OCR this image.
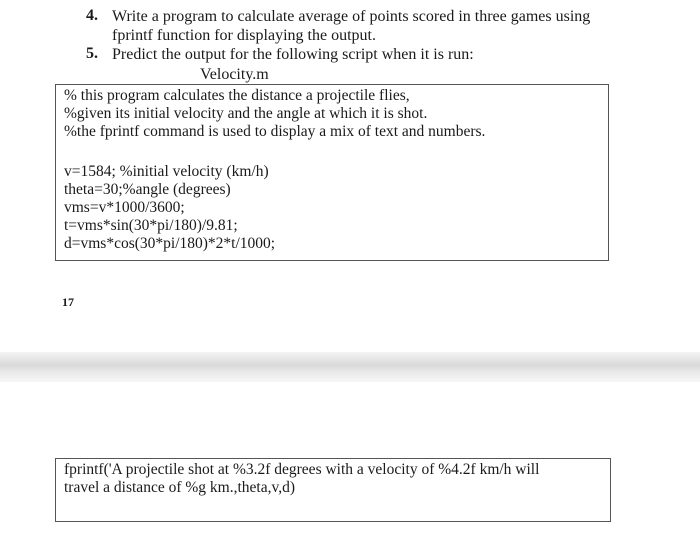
4. Write a program to calculate average of points scored in three games using
fprintf function for displaying the output.
5. Predict the output for the following script when it is run:
Velocity.m
% this program calculates the distance a projectile flies,
%given its initial velocity and the angle at which it is shot.
%the fprintf command is used to display a mix of text and numbers.
v=1584; %initial velocity (km/h)
theta=30;%angle (degrees)
vms=v*1000/3600;
t=vms*sin(30*pi/180)/9.81;
d=vms*cos(30*pi/180)*2*t/1000;
17
fprintf('A projectile shot at %3.2f degrees with a velocity of %4.2f km/h will
travel a distance of %g km.,theta,v,d)
